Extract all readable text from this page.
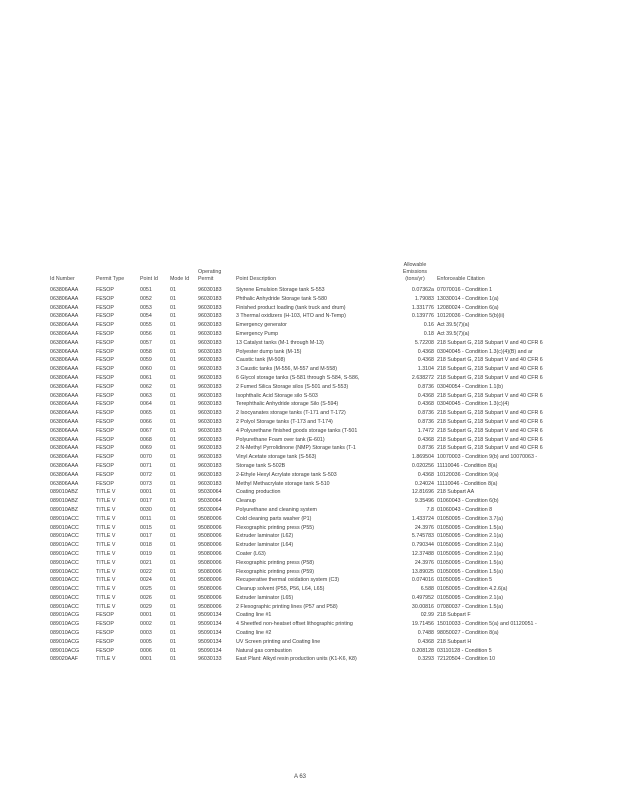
Id Number	Permit Type	Point Id	Mode Id	Operating Permit	Point Description	Allowable Emissions (tons/yr)	Enforceable Citation
063806AAA	FESOP	0051	01	96030183	Styrene Emulsion Storage tank S-553	0.07362a	07070016 - Condition 1
063806AAA	FESOP	0052	01	96030183	Phthalic Anhydride Storage tank S-580	1.79083	13030014 - Condition 1(a)
063806AAA	FESOP	0053	01	96030183	Finished product loading (tank truck and drum)	1.331776	12080024 - Condition 6(a)
063806AAA	FESOP	0054	01	96030183	3 Thermal oxidizers (H-103, HTO and N-Temp)	0.139776	10120036 - Condition 5(b)(ii)
063806AAA	FESOP	0055	01	96030183	Emergency generator	0.16	Act 39.5(7)(a)
063806AAA	FESOP	0056	01	96030183	Emergency Pump	0.18	Act 39.5(7)(a)
063806AAA	FESOP	0057	01	96030183	13 Catalyst tanks (M-1 through M-13)	5.72208	218 Subpart G, 218 Subpart V and 40 CFR 6
063806AAA	FESOP	0058	01	96030183	Polyester dump tank (M-15)	0.4368	03040045 - Condition 1.3(c)(4)(B) and ar
063806AAA	FESOP	0059	01	96030183	Caustic tank (M-508)	0.4368	218 Subpart G, 218 Subpart V and 40 CFR 6
063806AAA	FESOP	0060	01	96030183	3 Caustic tanks (M-556, M-557 and M-558)	1.3104	218 Subpart G, 218 Subpart V and 40 CFR 6
063806AAA	FESOP	0061	01	96030183	6 Glycol storage tanks (S-581 through S-584, S-586,	2.638272	218 Subpart G, 218 Subpart V and 40 CFR 6
063806AAA	FESOP	0062	01	96030183	2 Fumed Silica Storage silos (S-501 and S-553)	0.8736	03040054 - Condition 1.1(b)
063806AAA	FESOP	0063	01	96030183	Isophthalic Acid Storage silo S-503	0.4368	218 Subpart G, 218 Subpart V and 40 CFR 6
063806AAA	FESOP	0064	01	96030183	Terephthalic Anhydride storage Silo (S-594)	0.4368	03040045 - Condition 1.3(c)(4)
063806AAA	FESOP	0065	01	96030183	2 Isocyanates storage tanks (T-171 and T-172)	0.8736	218 Subpart G, 218 Subpart V and 40 CFR 6
063806AAA	FESOP	0066	01	96030183	2 Polyol Storage tanks (T-173 and T-174)	0.8736	218 Subpart G, 218 Subpart V and 40 CFR 6
063806AAA	FESOP	0067	01	96030183	4 Polyurethane finished goods storage tanks (T-501	1.7472	218 Subpart G, 218 Subpart V and 40 CFR 6
063806AAA	FESOP	0068	01	96030183	Polyurethane Foam over tank (E-601)	0.4368	218 Subpart G, 218 Subpart V and 40 CFR 6
063806AAA	FESOP	0069	01	96030183	2 N-Methyl Pyrrolidinone (NMP) Storage tanks (T-1	0.8736	218 Subpart G, 218 Subpart V and 40 CFR 6
063806AAA	FESOP	0070	01	96030183	Vinyl Acetate storage tank (S-563)	1.869504	10070003 - Condition 9(b) and 10070063 -
063806AAA	FESOP	0071	01	96030183	Storage tank S-502B	0.020256	11110046 - Condition 8(a)
063806AAA	FESOP	0072	01	96030183	2-Ethyle Hexyl Acrylate storage tank S-503	0.4368	10120036 - Condition 9(a)
063806AAA	FESOP	0073	01	96030183	Methyl Methacrylate storage tank S-510	0.24024	11110046 - Condition 8(a)
089010ABZ	TITLE V	0001	01	95030064	Coating production	12.81696	218 Subpart AA
089010ABZ	TITLE V	0017	01	95030064	Cleanup	9.35496	01060043 - Condition 6(b)
089010ABZ	TITLE V	0030	01	95030064	Polyurethane and cleaning system	7.8	01060043 - Condition 8
089010ACC	TITLE V	0011	01	95080006	Cold cleaning parts washer (P1)	1.433724	01050095 - Condition 3.7(a)
089010ACC	TITLE V	0015	01	95080006	Flexographic printing press (P55)	24.3976	01050095 - Condition 1.5(a)
089010ACC	TITLE V	0017	01	95080006	Extruder laminator (L62)	5.745783	01050095 - Condition 2.1(a)
089010ACC	TITLE V	0018	01	95080006	Extruder laminator (L64)	0.790344	01050095 - Condition 2.1(a)
089010ACC	TITLE V	0019	01	95080006	Coater (L63)	12.37488	01050095 - Condition 2.1(a)
089010ACC	TITLE V	0021	01	95080006	Flexographic printing press (P58)	24.3976	01050095 - Condition 1.5(a)
089010ACC	TITLE V	0022	01	95080006	Flexographic printing press (P59)	13.89025	01050095 - Condition 1.5(a)
089010ACC	TITLE V	0024	01	95080006	Recuperative thermal oxidation system (C3)	0.074016	01050095 - Condition 5
089010ACC	TITLE V	0025	01	95080006	Cleanup solvent (P55, P56, L64, L65)	6.588	01050095 - Condition 4.2.6(a)
089010ACC	TITLE V	0026	01	95080006	Extruder laminator (L65)	0.497952	01050095 - Condition 2.1(a)
089010ACC	TITLE V	0029	01	95080006	2 Flexographic printing lines (P57 and P58)	30.00816	07080037 - Condition 1.5(a)
089010ACG	FESOP	0001	01	95090134	Coating line #1	02.99	218 Subpart F
089010ACG	FESOP	0002	01	95090134	4 Sheetfed non-heatset offset lithographic printing	19.71456	15010033 - Condition 5(a) and 01120051 -
089010ACG	FESOP	0003	01	95090134	Coating line #2	0.7488	98050027 - Condition 8(a)
089010ACG	FESOP	0005	01	95090134	UV Screen printing and Coating line	0.4368	218 Subpart H
089010ACG	FESOP	0006	01	95090134	Natural gas combustion	0.208128	03110128 - Condition 5
089020AAF	TITLE V	0001	01	96030133	East Plant: Alkyd resin production units (K1-K6, K8)	0.3293	72120504 - Condition 10
A 63
